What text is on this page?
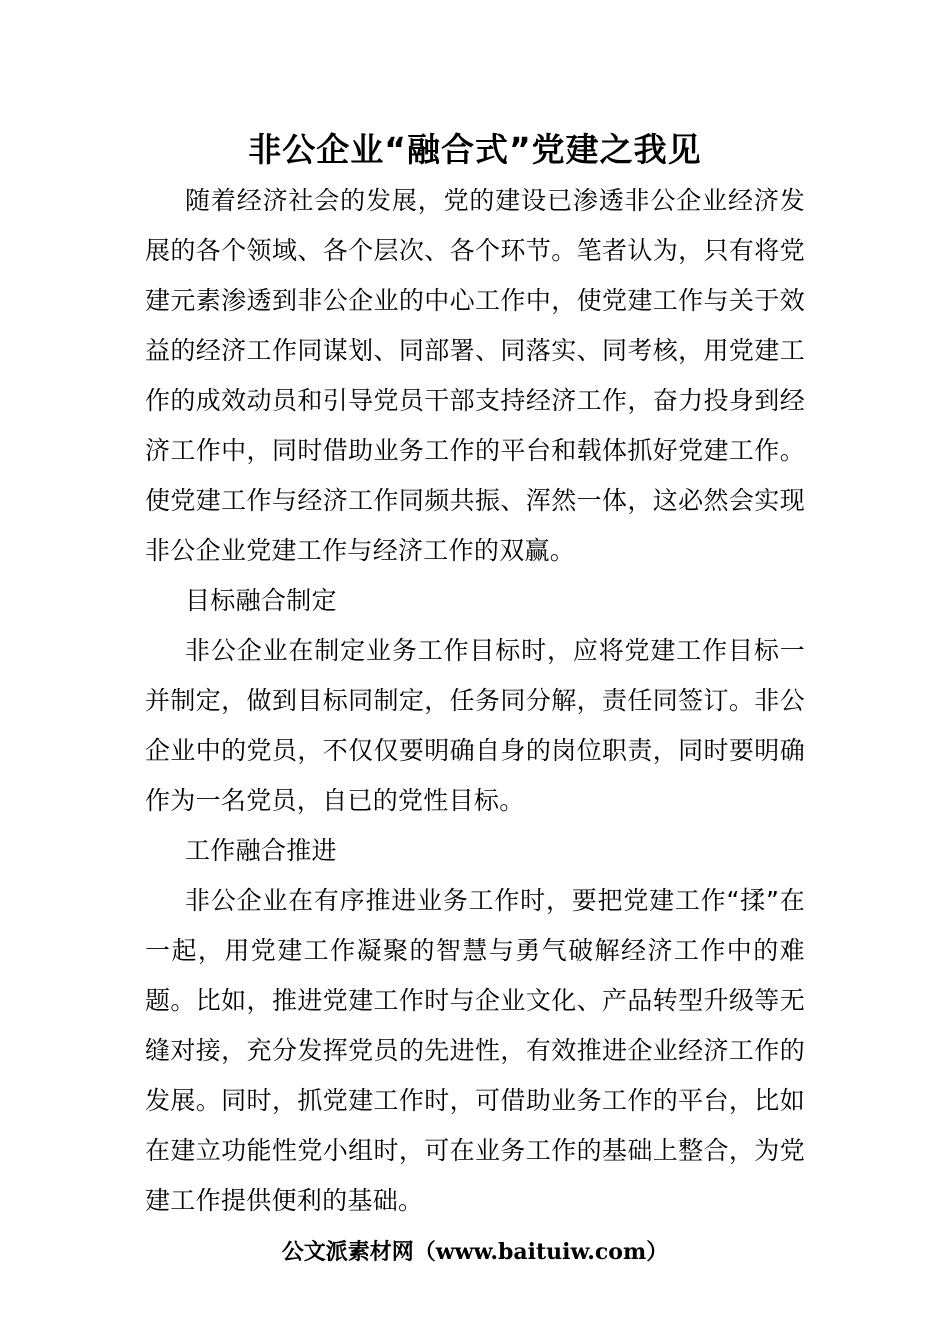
非公企业“融合式”党建之我见

随着经济社会的发展，党的建设已渗透非公企业经济发展的各个领域、各个层次、各个环节。笔者认为，只有将党建元素渗透到非公企业的中心工作中，使党建工作与关于效益的经济工作同谋划、同部署、同落实、同考核，用党建工作的成效动员和引导党员干部支持经济工作，奋力投身到经济工作中，同时借助业务工作的平台和载体抓好党建工作。使党建工作与经济工作同频共振、浑然一体，这必然会实现非公企业党建工作与经济工作的双赢。

目标融合制定

非公企业在制定业务工作目标时，应将党建工作目标一并制定，做到目标同制定，任务同分解，责任同签订。非公企业中的党员，不仅仅要明确自身的岗位职责，同时要明确作为一名党员，自已的党性目标。

工作融合推进

非公企业在有序推进业务工作时，要把党建工作“揉”在一起，用党建工作凝聚的智慧与勇气破解经济工作中的难题。比如，推进党建工作时与企业文化、产品转型升级等无缝对接，充分发挥党员的先进性，有效推进企业经济工作的发展。同时，抓党建工作时，可借助业务工作的平台，比如在建立功能性党小组时，可在业务工作的基础上整合，为党建工作提供便利的基础。

公文派素材网（www.baituiw.com）
